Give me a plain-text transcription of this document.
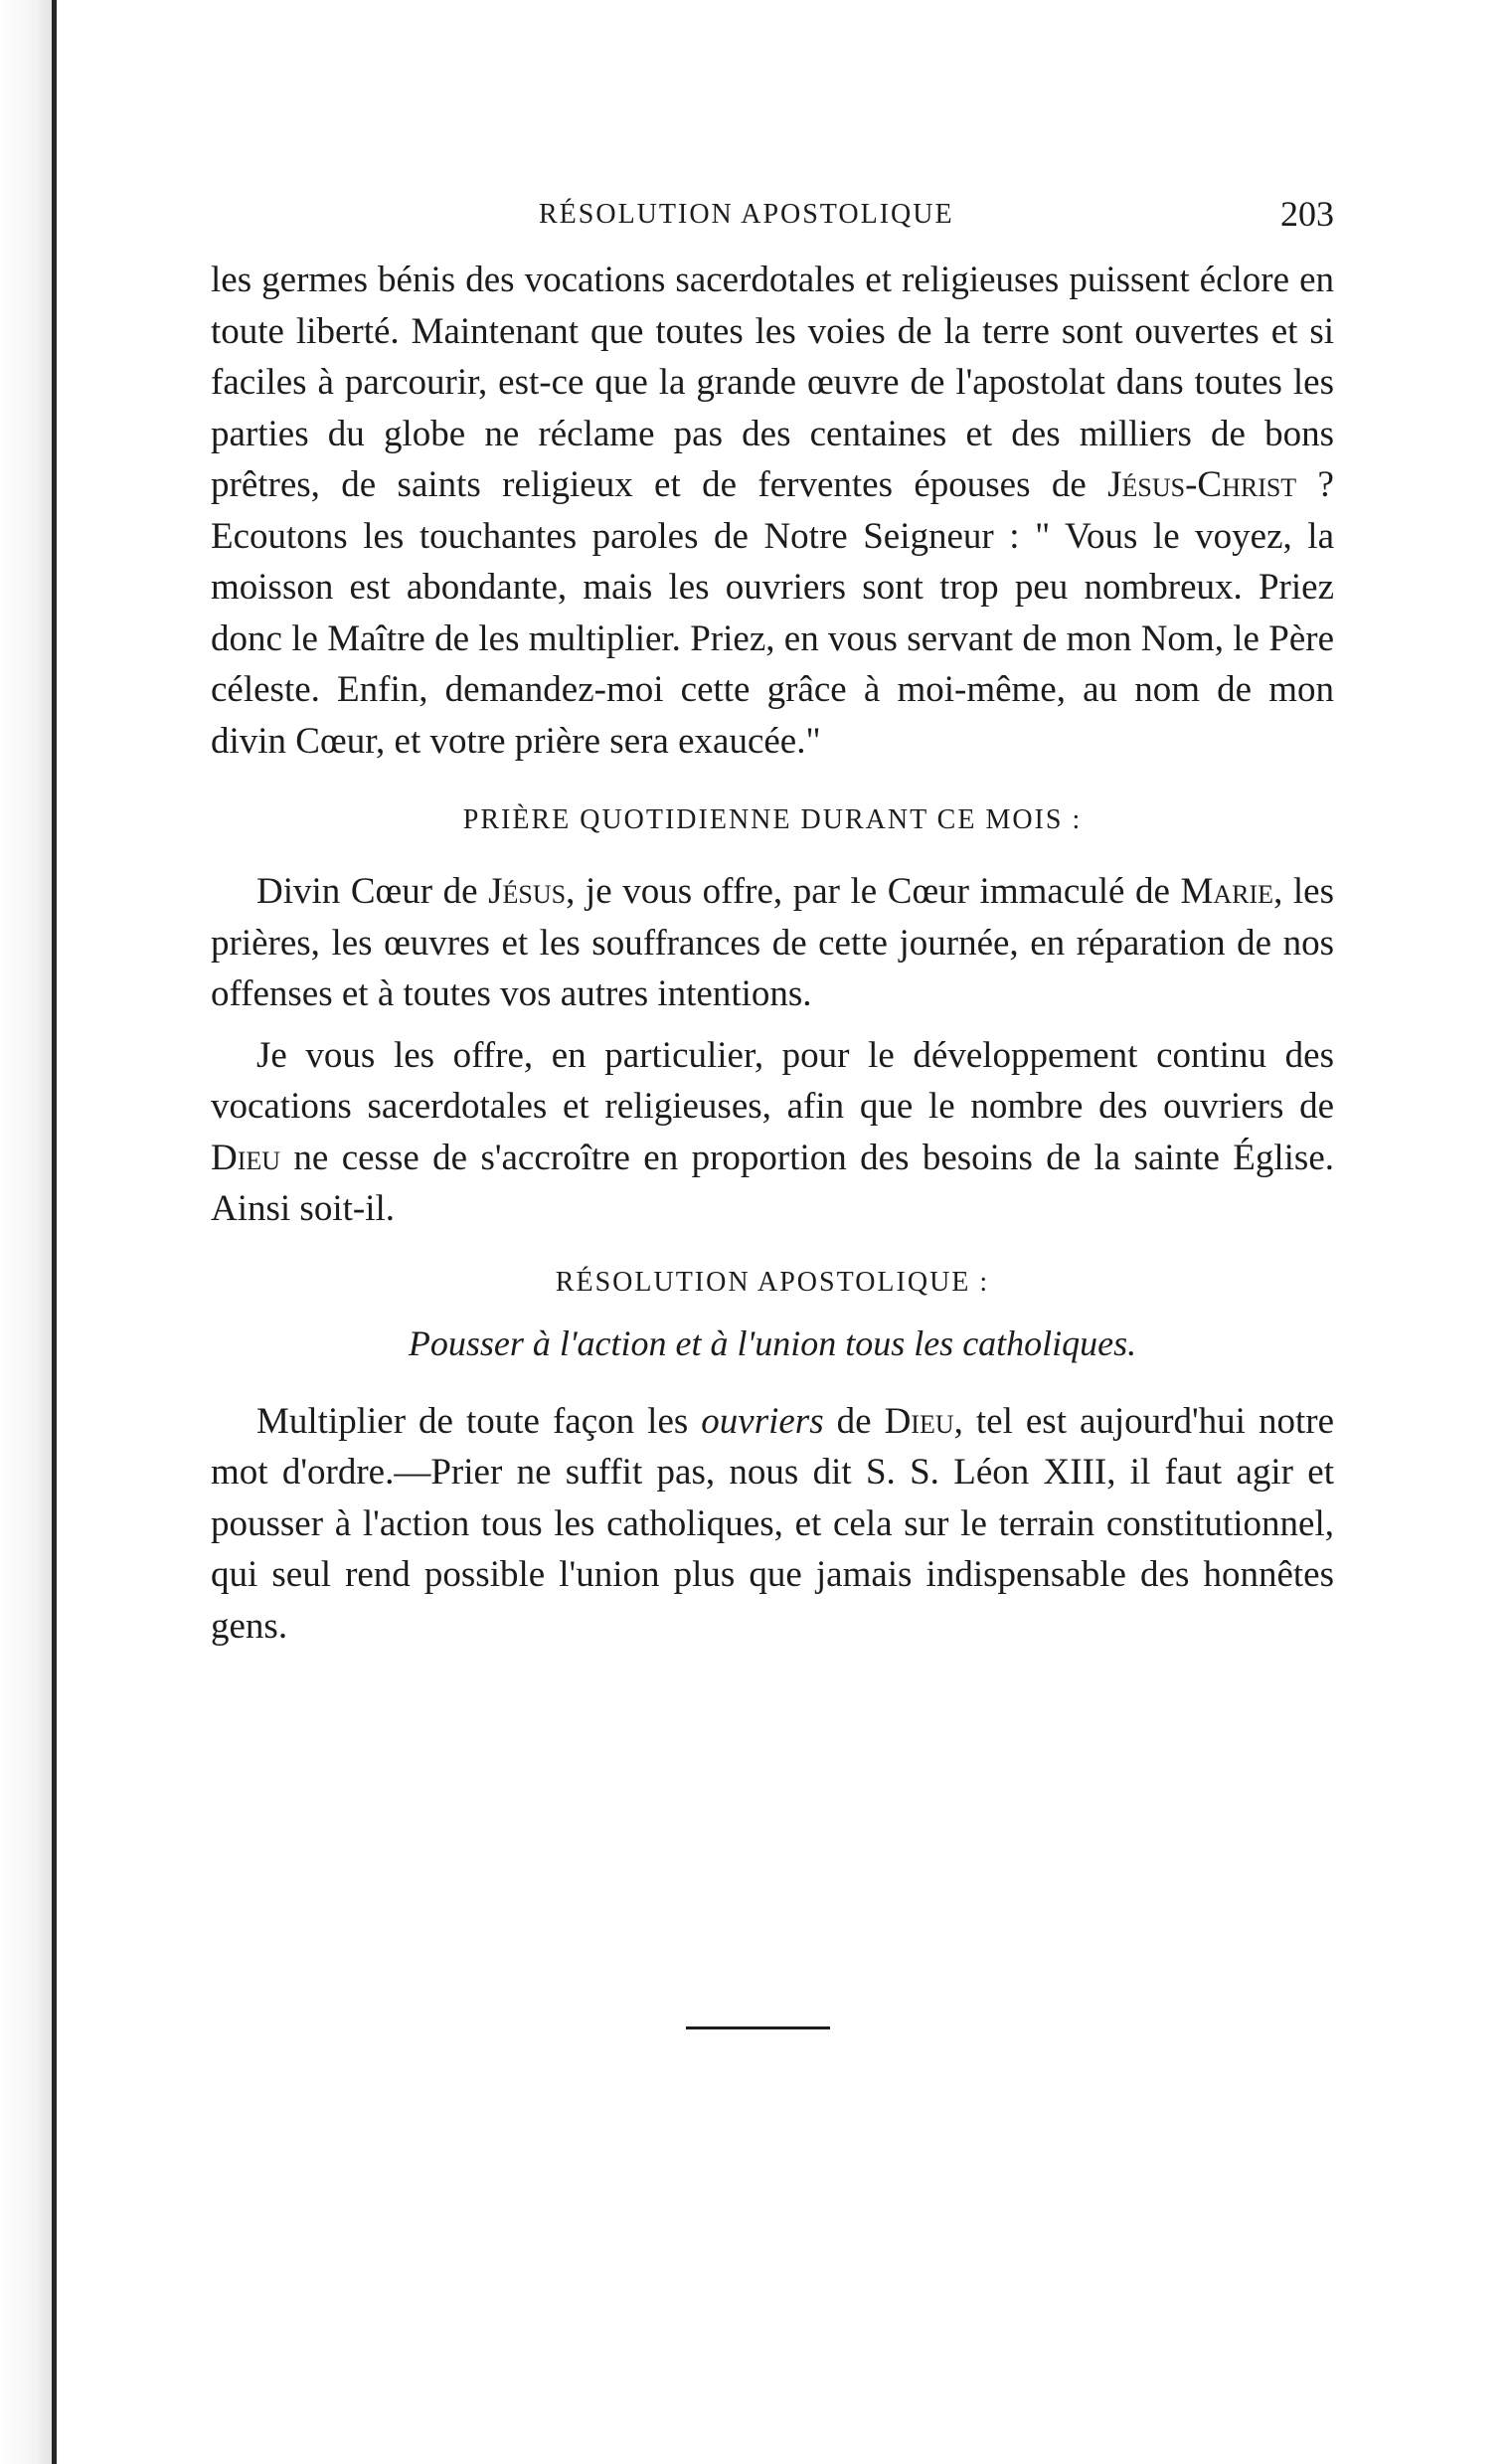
RÉSOLUTION APOSTOLIQUE	203

les germes bénis des vocations sacerdotales et religieuses puissent éclore en toute liberté. Maintenant que toutes les voies de la terre sont ouvertes et si faciles à parcourir, est-ce que la grande œuvre de l'apostolat dans toutes les parties du globe ne réclame pas des centaines et des milliers de bons prêtres, de saints religieux et de ferventes épouses de Jésus-Christ ? Ecoutons les touchantes paroles de Notre Seigneur : " Vous le voyez, la moisson est abondante, mais les ouvriers sont trop peu nombreux. Priez donc le Maître de les multiplier. Priez, en vous servant de mon Nom, le Père céleste. Enfin, demandez-moi cette grâce à moi-même, au nom de mon divin Cœur, et votre prière sera exaucée."

PRIÈRE QUOTIDIENNE DURANT CE MOIS :

Divin Cœur de Jésus, je vous offre, par le Cœur immaculé de Marie, les prières, les œuvres et les souffrances de cette journée, en réparation de nos offenses et à toutes vos autres intentions.

Je vous les offre, en particulier, pour le développement continu des vocations sacerdotales et religieuses, afin que le nombre des ouvriers de Dieu ne cesse de s'accroître en proportion des besoins de la sainte Église. Ainsi soit-il.

RÉSOLUTION APOSTOLIQUE :

Pousser à l'action et à l'union tous les catholiques.

Multiplier de toute façon les ouvriers de Dieu, tel est aujourd'hui notre mot d'ordre.—Prier ne suffit pas, nous dit S. S. Léon XIII, il faut agir et pousser à l'action tous les catholiques, et cela sur le terrain constitutionnel, qui seul rend possible l'union plus que jamais indispensable des honnêtes gens.
